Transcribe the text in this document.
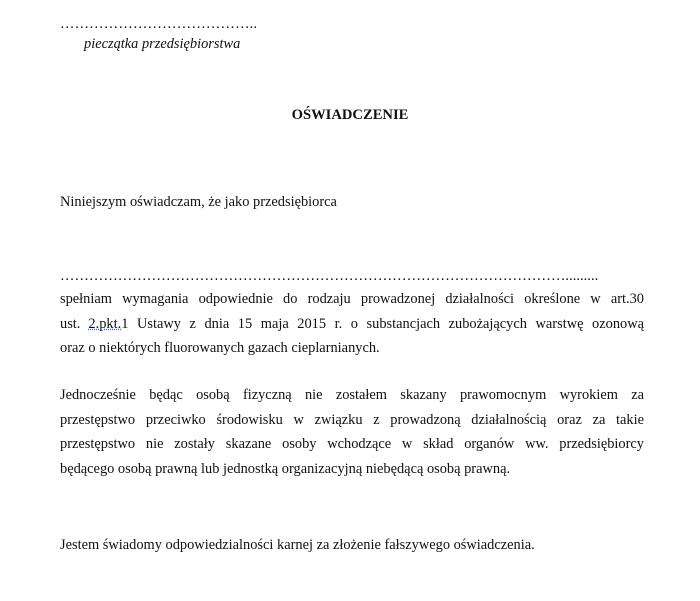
…………………………………..
pieczątka przedsiębiorstwa
OŚWIADCZENIE
Niniejszym oświadczam, że jako przedsiębiorca
…………………………………………………………………………………………….........
spełniam wymagania odpowiednie do rodzaju prowadzonej działalności określone w art.30
ust. 2.pkt. 1 Ustawy z dnia 15 maja 2015 r. o substancjach zubożających warstwę ozonową
oraz o niektórych fluorowanych gazach cieplarnianych.
Jednocześnie będąc osobą fizyczną nie zostałem skazany prawomocnym wyrokiem za
przestępstwo przeciwko środowisku w związku z prowadzoną działalnością oraz za takie
przestępstwo nie zostały skazane osoby wchodzące w skład organów ww. przedsiębiorcy
będącego osobą prawną lub jednostką organizacyjną niebędącą osobą prawną.
Jestem świadomy odpowiedzialności karnej za złożenie fałszywego oświadczenia.
